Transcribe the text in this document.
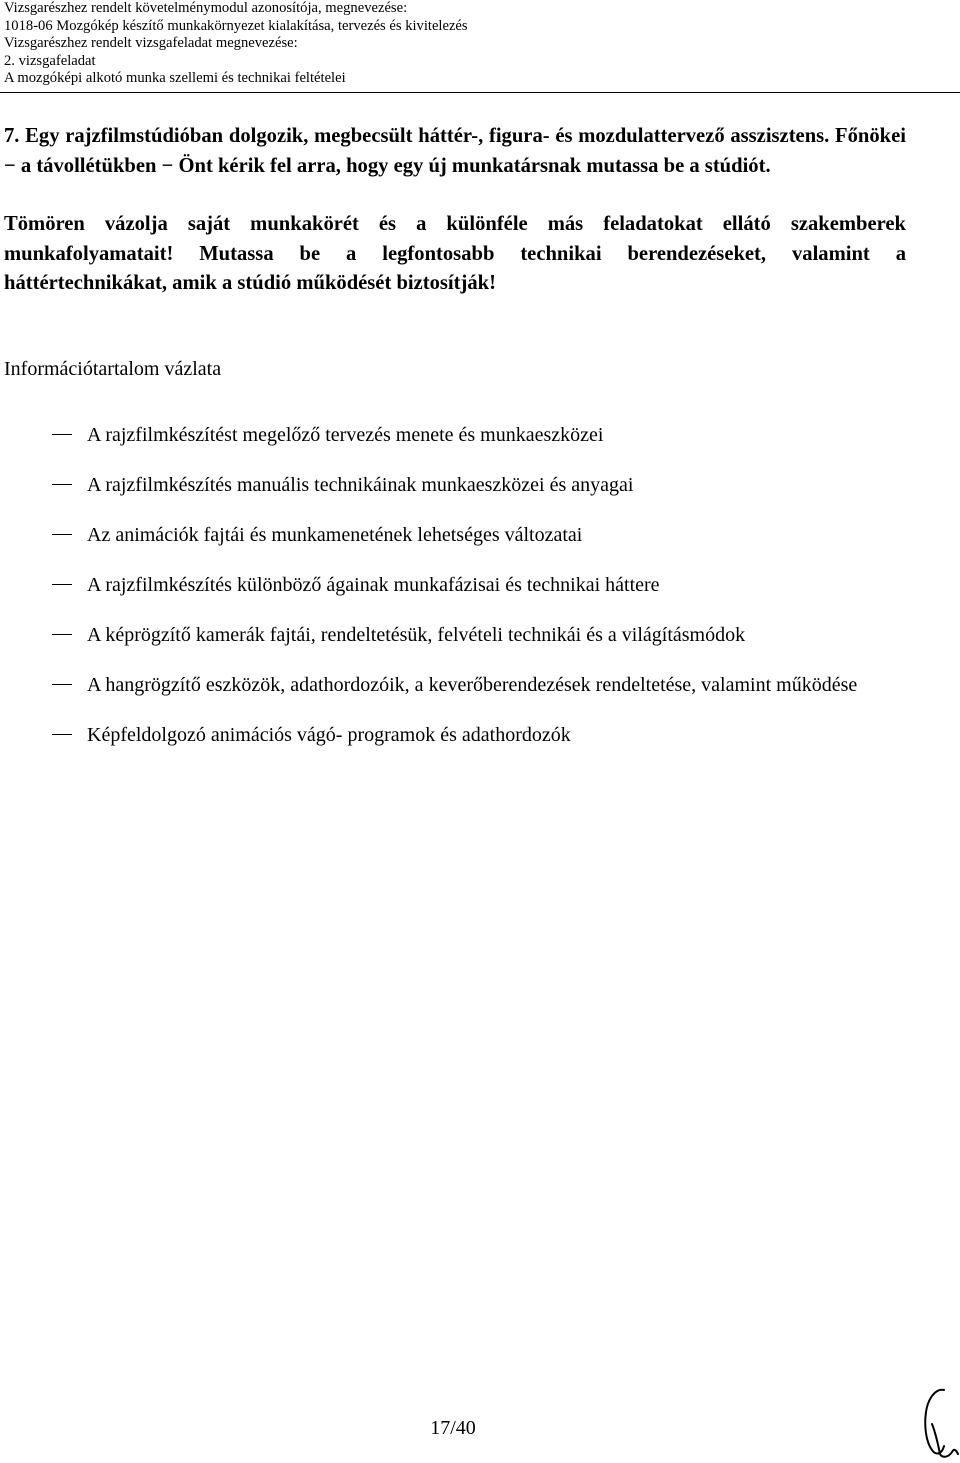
Vizsgarészhez rendelt követelménymodul azonosítója, megnevezése:
1018-06 Mozgókép készítő munkakörnyezet kialakítása, tervezés és kivitelezés
Vizsgarészhez rendelt vizsgafeladat megnevezése:
2. vizsgafeladat
A mozgóképi alkotó munka szellemi és technikai feltételei

7. Egy rajzfilmstúdióban dolgozik, megbecsült háttér-, figura- és mozdulattervező asszisztens. Főnökei − a távollétükben − Önt kérik fel arra, hogy egy új munkatársnak mutassa be a stúdiót.

Tömören vázolja saját munkakörét és a különféle más feladatokat ellátó szakemberek munkafolyamatait! Mutassa be a legfontosabb technikai berendezéseket, valamint a háttértechnikákat, amik a stúdió működését biztosítják!

Információtartalom vázlata
A rajzfilmkészítést megelőző tervezés menete és munkaeszközei
A rajzfilmkészítés manuális technikáinak munkaeszközei és anyagai
Az animációk fajtái és munkamenetének lehetséges változatai
A rajzfilmkészítés különböző ágainak munkafázisai és technikai háttere
A képrögzítő kamerák fajtái, rendeltetésük, felvételi technikái és a világításmódok
A hangrögzítő eszközök, adathordozóik, a keverőberendezések rendeltetése, valamint működése
Képfeldolgozó animációs vágó- programok és adathordozók
17/40
